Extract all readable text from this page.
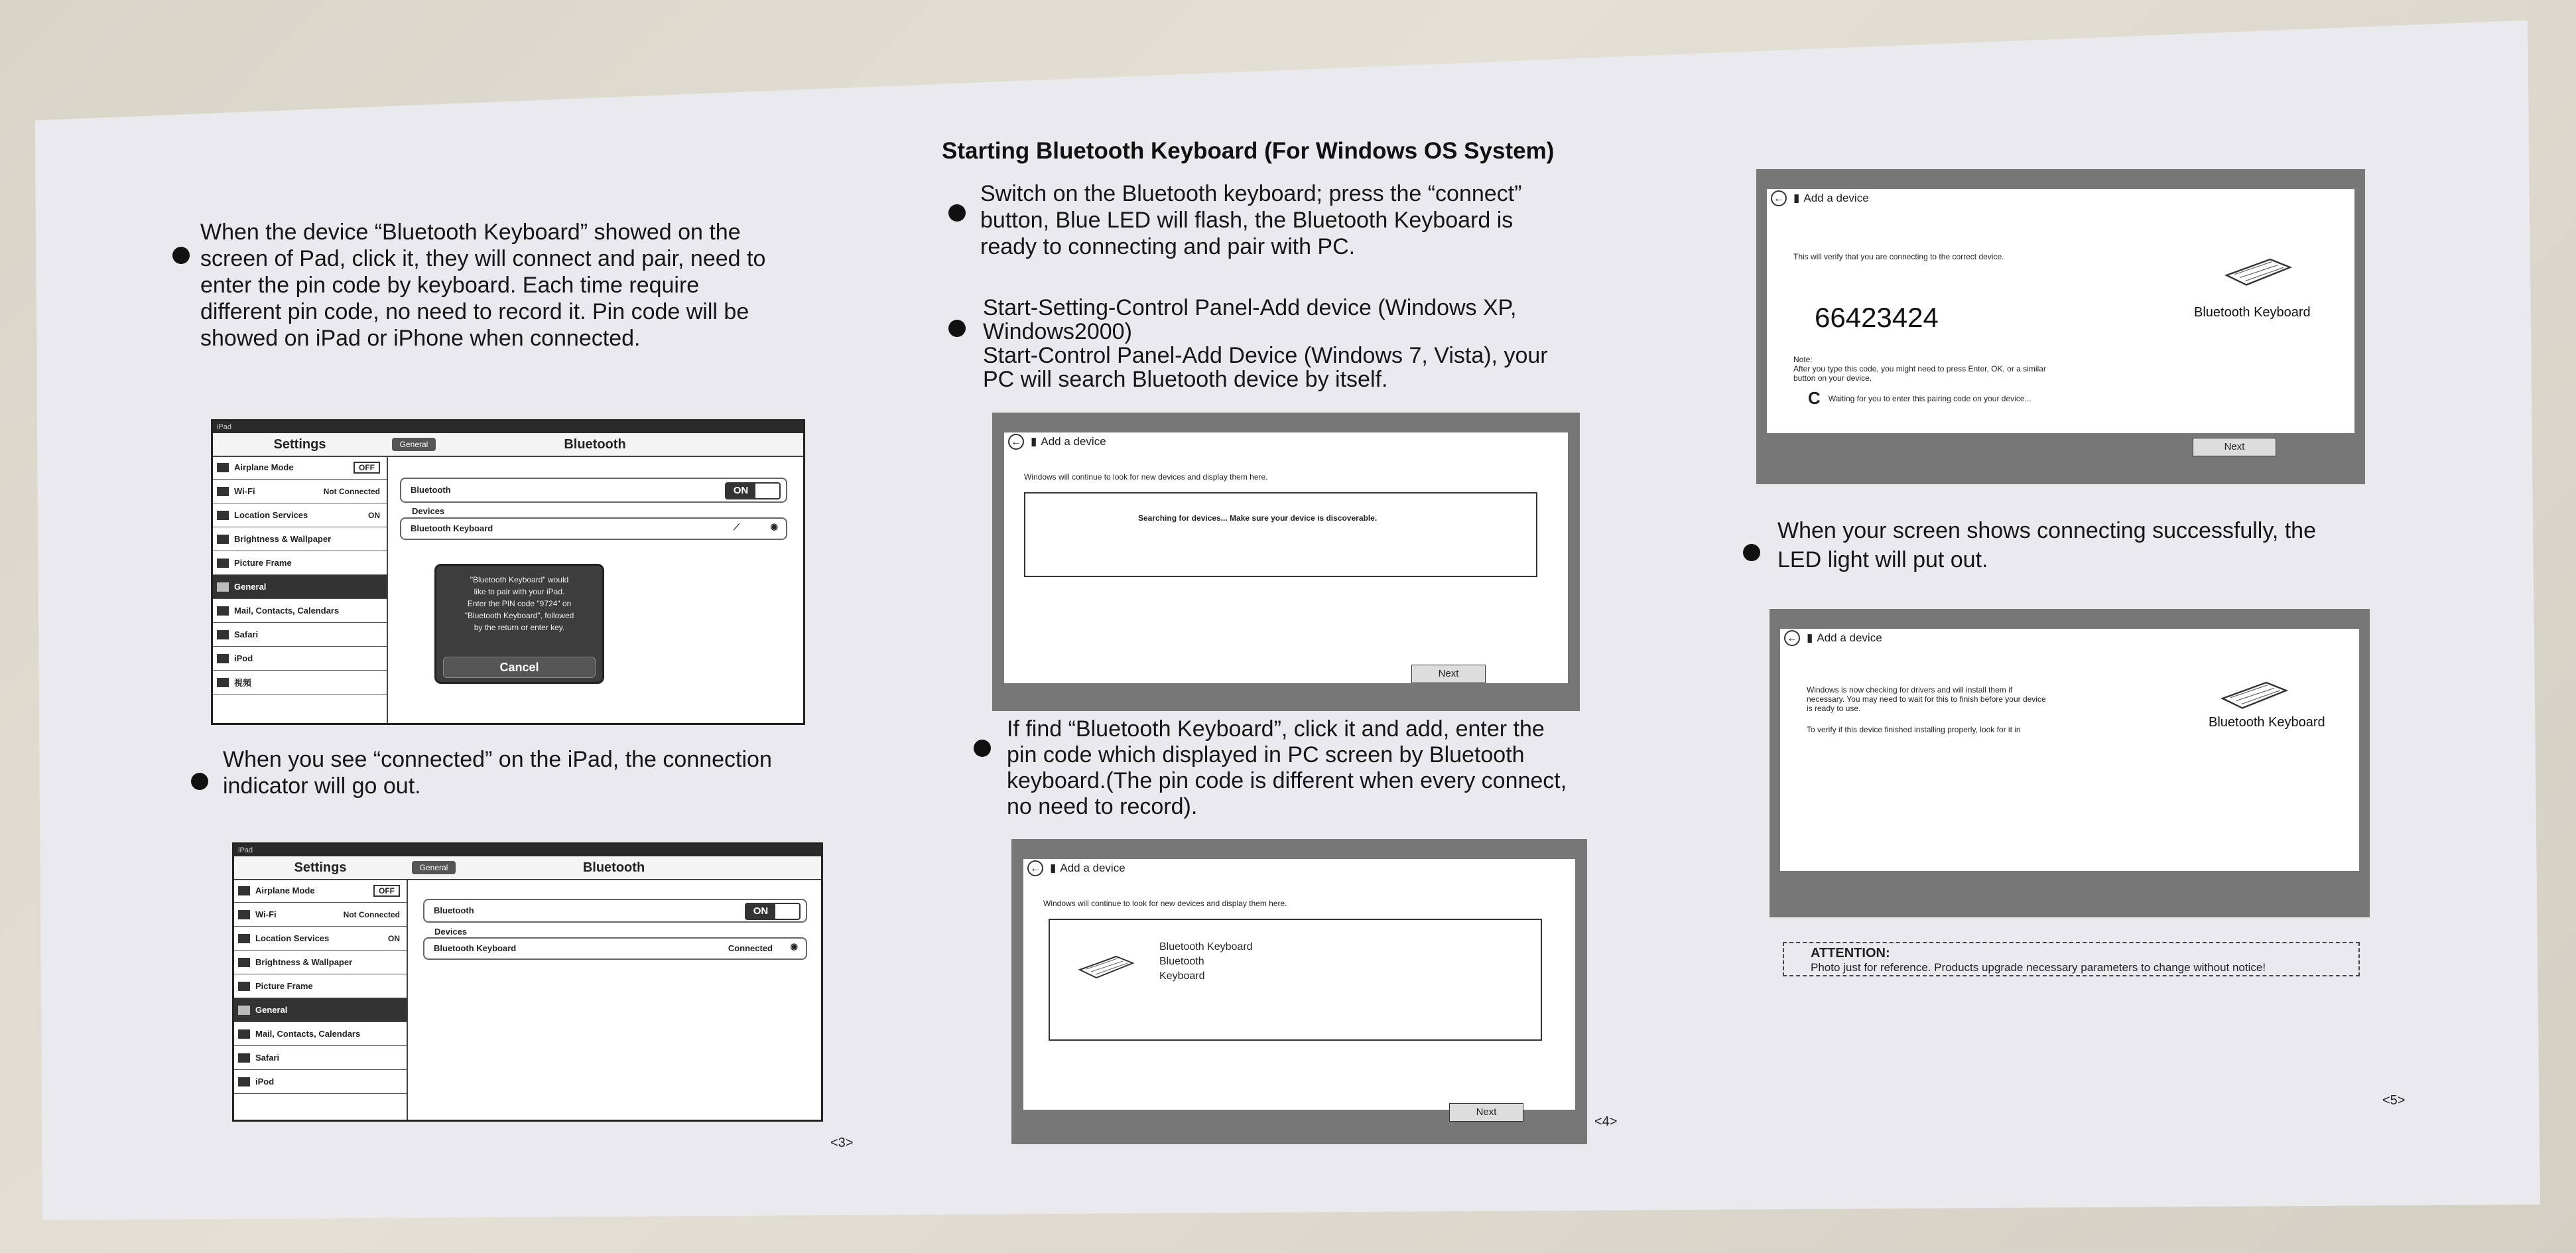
When the device “Bluetooth Keyboard” showed on the
screen of Pad, click it, they will connect and pair, need to
enter the pin code by keyboard. Each time require
different pin code, no need to record it. Pin code will be
showed on iPad or iPhone when connected.
iPad
Settings	General	Bluetooth
Airplane Mode	OFF
Wi-Fi	Not Connected
Location Services	ON
Brightness & Wallpaper
Picture Frame
General
Mail, Contacts, Calendars
Safari
iPod
視頻
Bluetooth	ON
Devices
Bluetooth Keyboard	⟋	◉
"Bluetooth Keyboard" would
like to pair with your iPad.
Enter the PIN code "9724" on
"Bluetooth Keyboard", followed
by the return or enter key.
Cancel
When you see “connected” on the iPad, the connection
indicator will go out.
iPad
Settings	General	Bluetooth
Airplane Mode	OFF
Wi-Fi	Not Connected
Location Services	ON
Brightness & Wallpaper
Picture Frame
General
Mail, Contacts, Calendars
Safari
iPod
Bluetooth	ON
Devices
Bluetooth Keyboard	Connected ◉
<3>
Starting Bluetooth Keyboard (For Windows OS System)
Switch on the Bluetooth keyboard; press the “connect”
button, Blue LED will flash, the Bluetooth Keyboard is
ready to connecting and pair with PC.
Start-Setting-Control Panel-Add device (Windows XP,
Windows2000)
Start-Control Panel-Add Device (Windows 7, Vista), your
PC will search Bluetooth device by itself.
← ▮ Add a device
Windows will continue to look for new devices and display them here.
Searching for devices... Make sure your device is discoverable.
Next
If find “Bluetooth Keyboard”, click it and add, enter the
pin code which displayed in PC screen by Bluetooth
keyboard.(The pin code is different when every connect,
no need to record).
← ▮ Add a device
Windows will continue to look for new devices and display them here.
Bluetooth Keyboard
Bluetooth
Keyboard
Next
<4>
← ▮ Add a device
This will verify that you are connecting to the correct device.
66423424	Bluetooth Keyboard
Note:
After you type this code, you might need to press Enter, OK, or a similar
button on your device.
C Waiting for you to enter this pairing code on your device...
Next
When your screen shows connecting successfully, the
LED light will put out.
← ▮ Add a device
Windows is now checking for drivers and will install them if
necessary. You may need to wait for this to finish before your device
is ready to use.
To verify if this device finished installing properly, look for it in	Bluetooth Keyboard
ATTENTION:
Photo just for reference. Products upgrade necessary parameters to change without notice!
<5>
